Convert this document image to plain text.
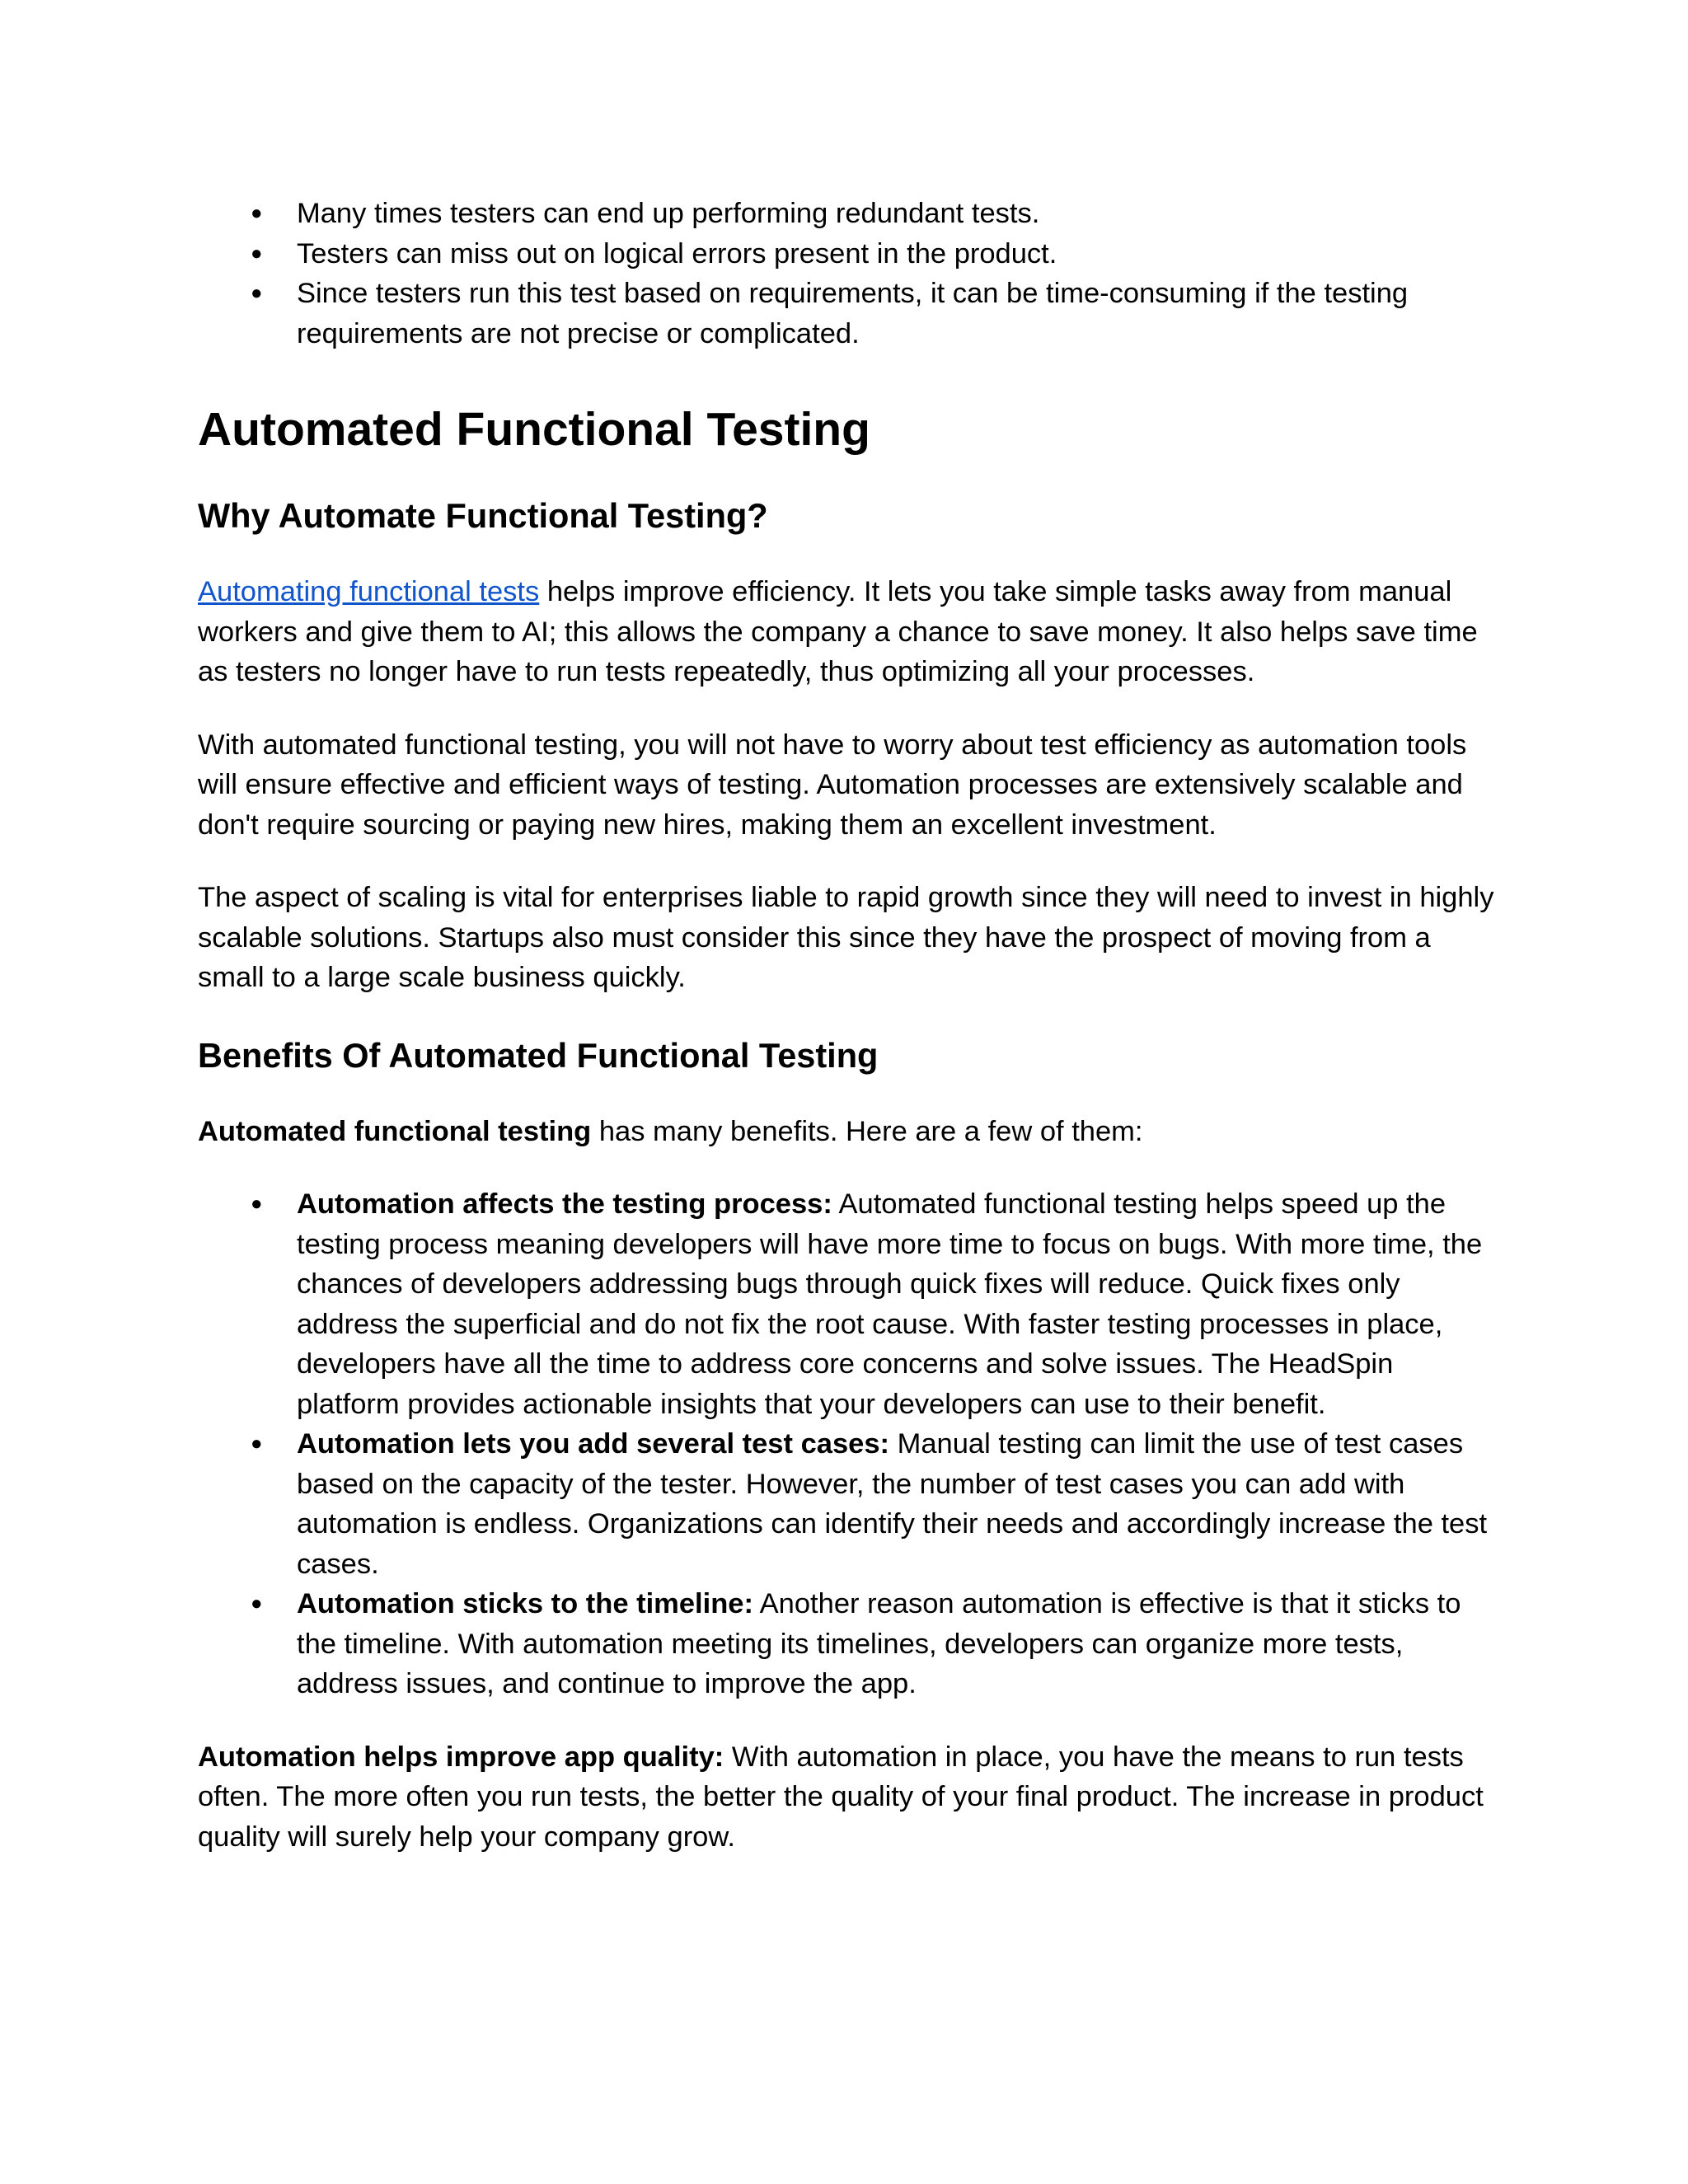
● Many times testers can end up performing redundant tests.
● Testers can miss out on logical errors present in the product.
● Since testers run this test based on requirements, it can be time-consuming if the testing requirements are not precise or complicated.
Automated Functional Testing
Why Automate Functional Testing?

Automating functional tests helps improve efficiency. It lets you take simple tasks away from manual workers and give them to AI; this allows the company a chance to save money. It also helps save time as testers no longer have to run tests repeatedly, thus optimizing all your processes.

With automated functional testing, you will not have to worry about test efficiency as automation tools will ensure effective and efficient ways of testing. Automation processes are extensively scalable and don't require sourcing or paying new hires, making them an excellent investment.

The aspect of scaling is vital for enterprises liable to rapid growth since they will need to invest in highly scalable solutions. Startups also must consider this since they have the prospect of moving from a small to a large scale business quickly.

Benefits Of Automated Functional Testing

Automated functional testing has many benefits. Here are a few of them:

● Automation affects the testing process: Automated functional testing helps speed up the testing process meaning developers will have more time to focus on bugs. With more time, the chances of developers addressing bugs through quick fixes will reduce. Quick fixes only address the superficial and do not fix the root cause. With faster testing processes in place, developers have all the time to address core concerns and solve issues. The HeadSpin platform provides actionable insights that your developers can use to their benefit.
● Automation lets you add several test cases: Manual testing can limit the use of test cases based on the capacity of the tester. However, the number of test cases you can add with automation is endless. Organizations can identify their needs and accordingly increase the test cases.
● Automation sticks to the timeline: Another reason automation is effective is that it sticks to the timeline. With automation meeting its timelines, developers can organize more tests, address issues, and continue to improve the app.

Automation helps improve app quality: With automation in place, you have the means to run tests often. The more often you run tests, the better the quality of your final product. The increase in product quality will surely help your company grow.
